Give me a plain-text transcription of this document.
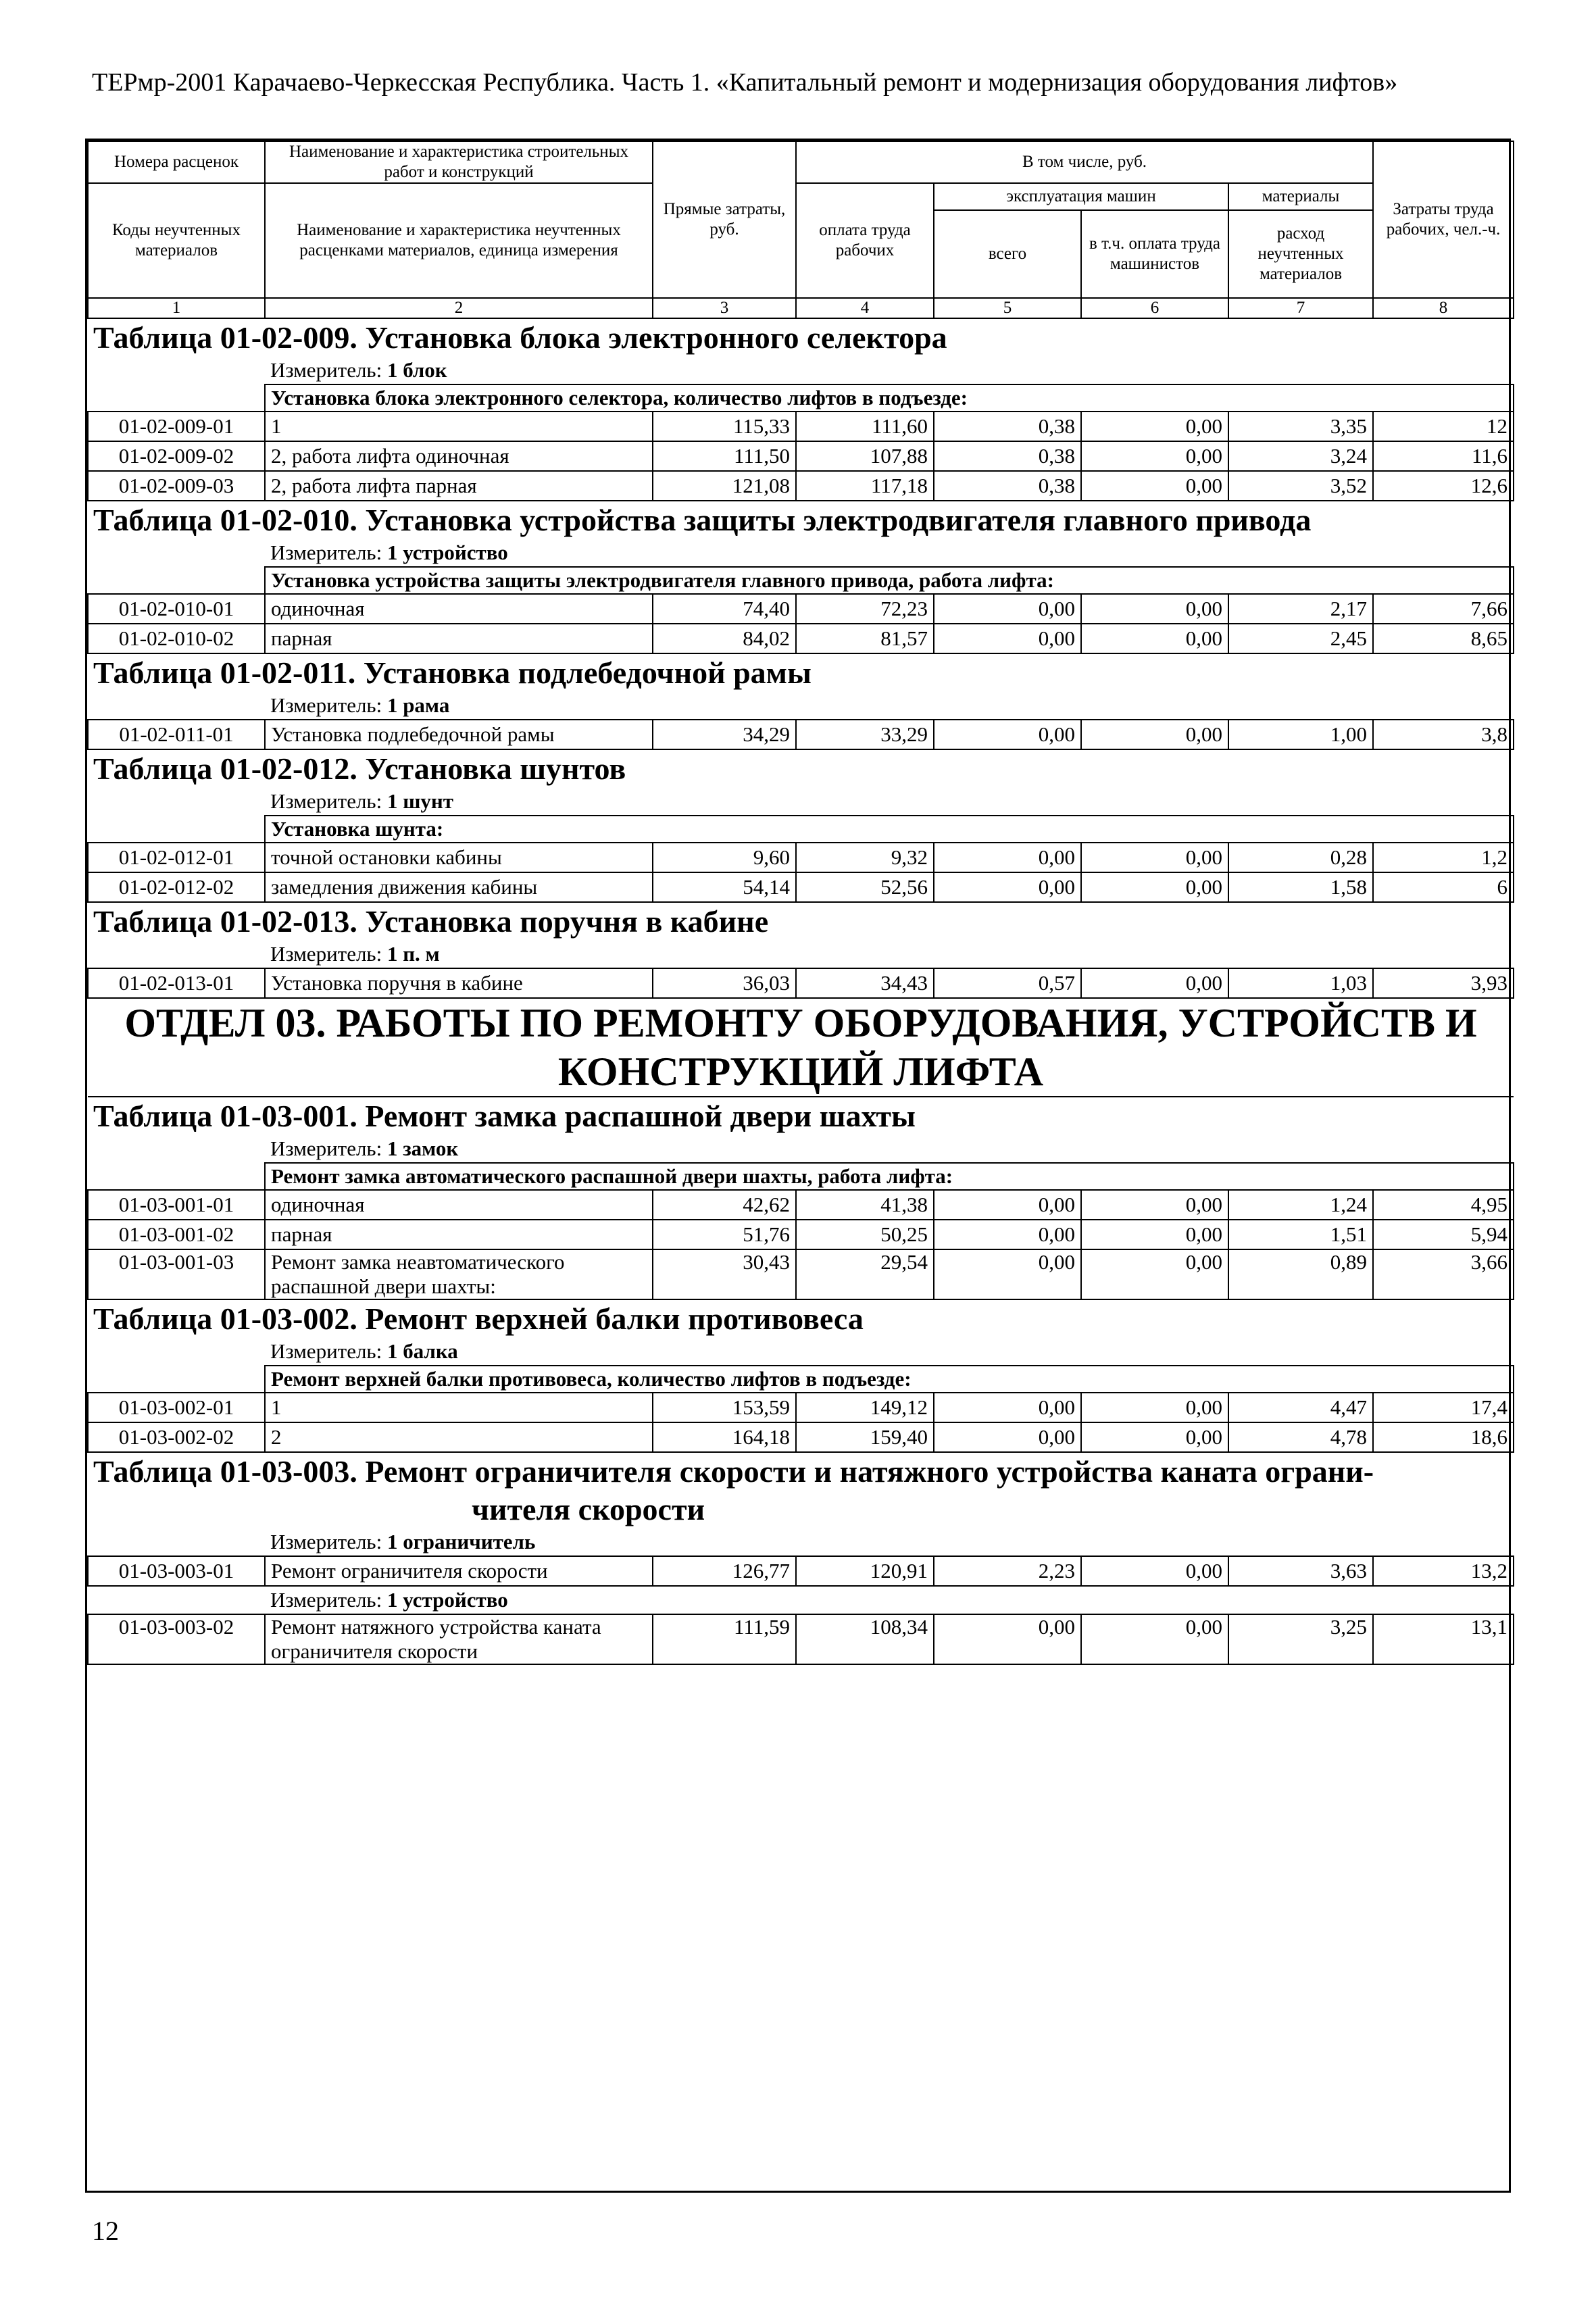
ТЕРмр-2001 Карачаево-Черкесская Республика. Часть 1. «Капитальный ремонт и модернизация оборудования лифтов»
Номера расценок	Наименование и характеристика строительных работ и конструкций	Прямые затраты, руб.	В том числе, руб.				Затраты труда рабочих, чел.-ч.
Коды неучтенных материалов	Наименование и характеристика неучтенных расценками материалов, единица измерения		оплата труда рабочих	эксплуатация машин		материалы	
				всего	в т.ч. оплата труда машинистов	расход неучтенных материалов	
1	2	3	4	5	6	7	8
Таблица 01-02-009. Установка блока электронного селектора							
	Измеритель: 1 блок						
	Установка блока электронного селектора, количество лифтов в подъезде:						
01-02-009-01	1	115,33	111,60	0,38	0,00	3,35	12
01-02-009-02	2, работа лифта одиночная	111,50	107,88	0,38	0,00	3,24	11,6
01-02-009-03	2, работа лифта парная	121,08	117,18	0,38	0,00	3,52	12,6
Таблица 01-02-010. Установка устройства защиты электродвигателя главного привода							
	Измеритель: 1 устройство						
	Установка устройства защиты электродвигателя главного привода, работа лифта:						
01-02-010-01	одиночная	74,40	72,23	0,00	0,00	2,17	7,66
01-02-010-02	парная	84,02	81,57	0,00	0,00	2,45	8,65
Таблица 01-02-011. Установка подлебедочной рамы							
	Измеритель: 1 рама						
01-02-011-01	Установка подлебедочной рамы	34,29	33,29	0,00	0,00	1,00	3,8
Таблица 01-02-012. Установка шунтов							
	Измеритель: 1 шунт						
	Установка шунта:						
01-02-012-01	точной остановки кабины	9,60	9,32	0,00	0,00	0,28	1,2
01-02-012-02	замедления движения кабины	54,14	52,56	0,00	0,00	1,58	6
Таблица 01-02-013. Установка поручня в кабине							
	Измеритель: 1 п. м						
01-02-013-01	Установка поручня в кабине	36,03	34,43	0,57	0,00	1,03	3,93
ОТДЕЛ 03. РАБОТЫ ПО РЕМОНТУ ОБОРУДОВАНИЯ, УСТРОЙСТВ И КОНСТРУКЦИЙ ЛИФТА							
Таблица 01-03-001. Ремонт замка распашной двери шахты							
	Измеритель: 1 замок						
	Ремонт замка автоматического распашной двери шахты, работа лифта:						
01-03-001-01	одиночная	42,62	41,38	0,00	0,00	1,24	4,95
01-03-001-02	парная	51,76	50,25	0,00	0,00	1,51	5,94
01-03-001-03	Ремонт замка неавтоматического распашной двери шахты:	30,43	29,54	0,00	0,00	0,89	3,66
Таблица 01-03-002. Ремонт верхней балки противовеса							
	Измеритель: 1 балка						
	Ремонт верхней балки противовеса, количество лифтов в подъезде:						
01-03-002-01	1	153,59	149,12	0,00	0,00	4,47	17,4
01-03-002-02	2	164,18	159,40	0,00	0,00	4,78	18,6
Таблица 01-03-003. Ремонт ограничителя скорости и натяжного устройства каната ограни-
чителя скорости							

	Измеритель: 1 ограничитель						
01-03-003-01	Ремонт ограничителя скорости	126,77	120,91	2,23	0,00	3,63	13,2
	Измеритель: 1 устройство						
01-03-003-02	Ремонт натяжного устройства каната ограничителя скорости	111,59	108,34	0,00	0,00	3,25	13,1
12
